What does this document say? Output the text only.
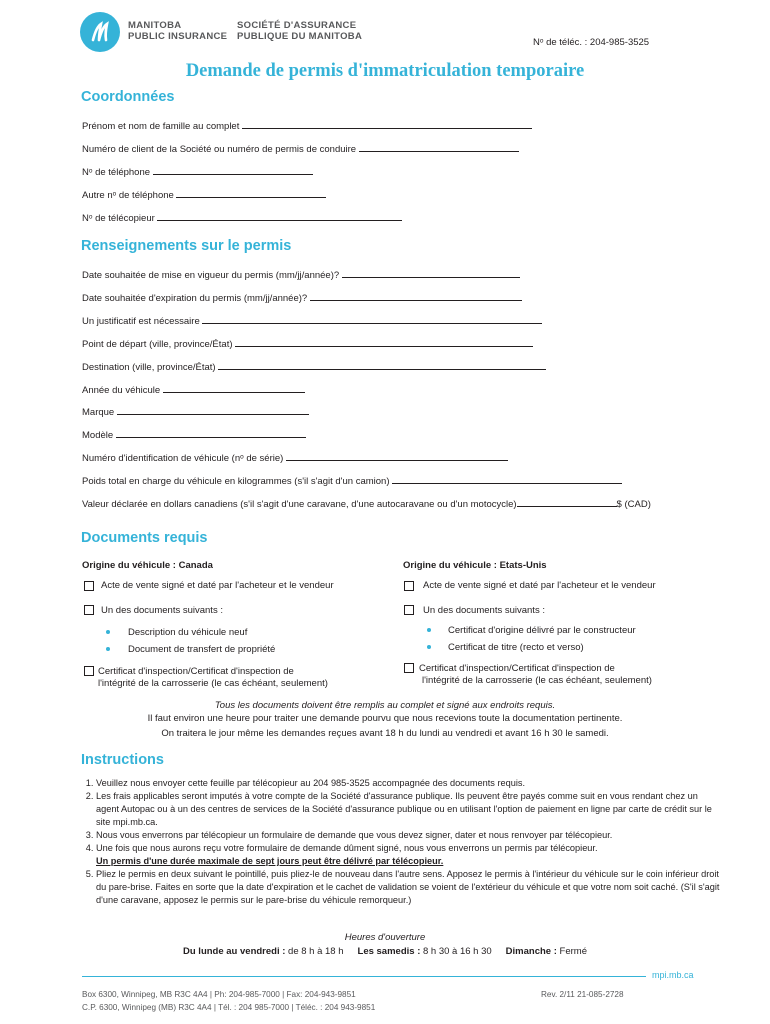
MANITOBA
PUBLIC INSURANCE
SOCIÉTÉ D'ASSURANCE
PUBLIQUE DU MANITOBA
Nᵒ de téléc. : 204-985-3525
Demande de permis d'immatriculation temporaire
Coordonnées
Prénom et nom de famille au complet
Numéro de client de la Société ou numéro de permis de conduire
Nᵒ de téléphone
Autre nᵒ de téléphone
Nᵒ de télécopieur
Renseignements sur le permis
Date souhaitée de mise en vigueur du permis (mm/jj/année)?
Date souhaitée d'expiration du permis (mm/jj/année)?
Un justificatif est nécessaire
Point de départ (ville, province/État)
Destination (ville, province/État)
Année du véhicule
Marque
Modèle
Numéro d'identification de véhicule (nᵒ de série)
Poids total en charge du véhicule en kilogrammes (s'il s'agit d'un camion)
Valeur déclarée en dollars canadiens (s'il s'agit d'une caravane, d'une autocaravane ou d'un motocycle)	$ (CAD)
Documents requis
Origine du véhicule : Canada	Origine du véhicule : Etats-Unis
Acte de vente signé et daté par l'acheteur et le vendeur
Un des documents suivants :
Description du véhicule neuf
Document de transfert de propriété
Certificat d'inspection/Certificat d'inspection de
l'intégrité de la carrosserie (le cas échéant, seulement)
Acte de vente signé et daté par l'acheteur et le vendeur
Un des documents suivants :
Certificat d'origine délivré par le constructeur
Certificat de titre (recto et verso)
Certificat d'inspection/Certificat d'inspection de
l'intégrité de la carrosserie (le cas échéant, seulement)
Tous les documents doivent être remplis au complet et signé aux endroits requis.
Il faut environ une heure pour traiter une demande pourvu que nous recevions toute la documentation pertinente.
On traitera le jour même les demandes reçues avant 18 h du lundi au vendredi et avant 16 h 30 le samedi.
Instructions
1. Veuillez nous envoyer cette feuille par télécopieur au 204 985-3525 accompagnée des documents requis.
2. Les frais applicables seront imputés à votre compte de la Société d'assurance publique. Ils peuvent être payés comme suit en vous rendant chez un agent Autopac ou à un des centres de services de la Société d'assurance publique ou en utilisant l'option de paiement en ligne par carte de crédit sur le site mpi.mb.ca.
3. Nous vous enverrons par télécopieur un formulaire de demande que vous devez signer, dater et nous renvoyer par télécopieur.
4. Une fois que nous aurons reçu votre formulaire de demande dûment signé, nous vous enverrons un permis par télécopieur.
Un permis d'une durée maximale de sept jours peut être délivré par télécopieur.
5. Pliez le permis en deux suivant le pointillé, puis pliez-le de nouveau dans l'autre sens. Apposez le permis à l'intérieur du véhicule sur le coin inférieur droit du pare-brise. Faites en sorte que la date d'expiration et le cachet de validation se voient de l'extérieur du véhicule et que votre nom soit caché. (S'il s'agit d'une caravane, apposez le permis sur le pare-brise du véhicule remorqueur.)
Heures d'ouverture
Du lunde au vendredi : de 8 h à 18 h Les samedis : 8 h 30 à 16 h 30 Dimanche : Fermé
mpi.mb.ca
Box 6300, Winnipeg, MB R3C 4A4 | Ph: 204-985-7000 | Fax: 204-943-9851
C.P. 6300, Winnipeg (MB) R3C 4A4 | Tél. : 204 985-7000 | Téléc. : 204 943-9851
Rev. 2/11 21-085-2728
